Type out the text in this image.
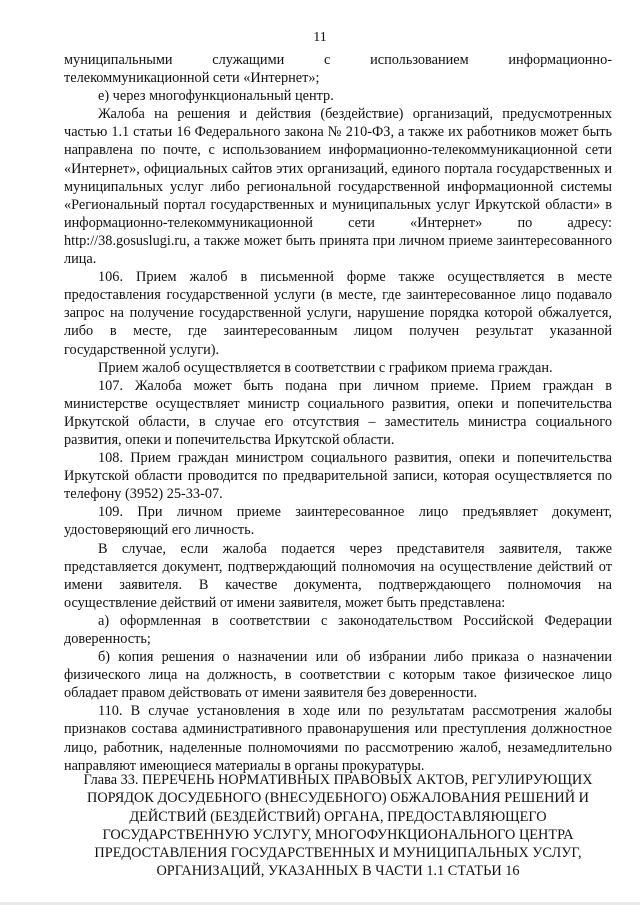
11

муниципальными служащими с использованием информационно-телекоммуникационной сети «Интернет»;

е) через многофункциональный центр.

Жалоба на решения и действия (бездействие) организаций, предусмотренных частью 1.1 статьи 16 Федерального закона № 210-ФЗ, а также их работников может быть направлена по почте, с использованием информационно-телекоммуникационной сети «Интернет», официальных сайтов этих организаций, единого портала государственных и муниципальных услуг либо региональной государственной информационной системы «Региональный портал государственных и муниципальных услуг Иркутской области» в информационно-телекоммуникационной сети «Интернет» по адресу: http://38.gosuslugi.ru, а также может быть принята при личном приеме заинтересованного лица.

106. Прием жалоб в письменной форме также осуществляется в месте предоставления государственной услуги (в месте, где заинтересованное лицо подавало запрос на получение государственной услуги, нарушение порядка которой обжалуется, либо в месте, где заинтересованным лицом получен результат указанной государственной услуги).

Прием жалоб осуществляется в соответствии с графиком приема граждан.

107. Жалоба может быть подана при личном приеме. Прием граждан в министерстве осуществляет министр социального развития, опеки и попечительства Иркутской области, в случае его отсутствия – заместитель министра социального развития, опеки и попечительства Иркутской области.

108. Прием граждан министром социального развития, опеки и попечительства Иркутской области проводится по предварительной записи, которая осуществляется по телефону (3952) 25-33-07.

109. При личном приеме заинтересованное лицо предъявляет документ, удостоверяющий его личность.

В случае, если жалоба подается через представителя заявителя, также представляется документ, подтверждающий полномочия на осуществление действий от имени заявителя. В качестве документа, подтверждающего полномочия на осуществление действий от имени заявителя, может быть представлена:

а) оформленная в соответствии с законодательством Российской Федерации доверенность;

б) копия решения о назначении или об избрании либо приказа о назначении физического лица на должность, в соответствии с которым такое физическое лицо обладает правом действовать от имени заявителя без доверенности.

110. В случае установления в ходе или по результатам рассмотрения жалобы признаков состава административного правонарушения или преступления должностное лицо, работник, наделенные полномочиями по рассмотрению жалоб, незамедлительно направляют имеющиеся материалы в органы прокуратуры.

Глава 33. ПЕРЕЧЕНЬ НОРМАТИВНЫХ ПРАВОВЫХ АКТОВ, РЕГУЛИРУЮЩИХ ПОРЯДОК ДОСУДЕБНОГО (ВНЕСУДЕБНОГО) ОБЖАЛОВАНИЯ РЕШЕНИЙ И ДЕЙСТВИЙ (БЕЗДЕЙСТВИЙ) ОРГАНА, ПРЕДОСТАВЛЯЮЩЕГО ГОСУДАРСТВЕННУЮ УСЛУГУ, МНОГОФУНКЦИОНАЛЬНОГО ЦЕНТРА ПРЕДОСТАВЛЕНИЯ ГОСУДАРСТВЕННЫХ И МУНИЦИПАЛЬНЫХ УСЛУГ, ОРГАНИЗАЦИЙ, УКАЗАННЫХ В ЧАСТИ 1.1 СТАТЬИ 16
